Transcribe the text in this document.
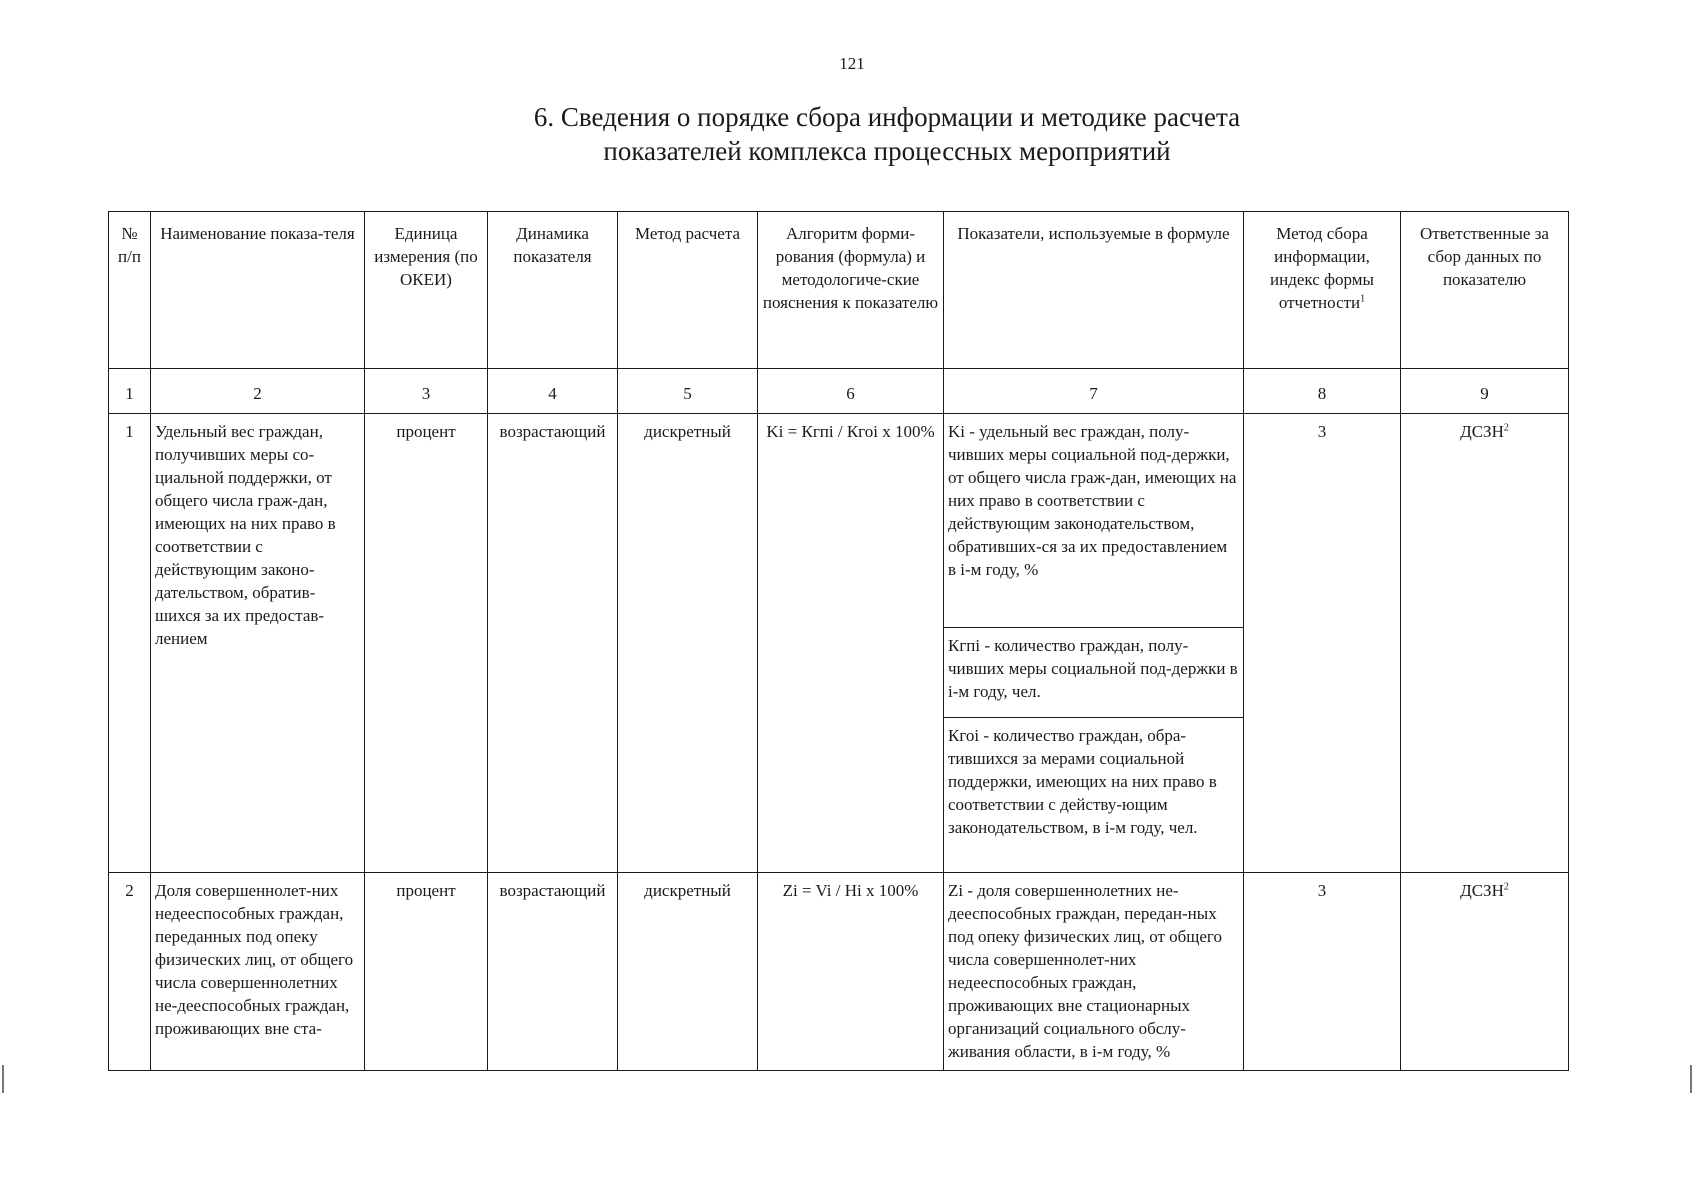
121
6. Сведения о порядке сбора информации и методике расчета
показателей комплекса процессных мероприятий
№ п/п	Наименование показа-теля	Единица измерения (по ОКЕИ)	Динамика показателя	Метод расчета	Алгоритм форми-рования (формула) и методологиче-ские пояснения к показателю	Показатели, используемые в формуле	Метод сбора информации, индекс формы отчетности$^1$	Ответственные за сбор данных по показателю
1	2	3	4	5	6	7	8	9
1	Удельный вес граждан, получивших меры со-циальной поддержки, от общего числа граж-дан, имеющих на них право в соответствии с действующим законо-дательством, обратив-шихся за их предостав-лением	процент	возрастающий	дискретный	Ki = Кгпi / Кгоi х 100%	Ki - удельный вес граждан, полу-чивших меры социальной под-держки, от общего числа граж-дан, имеющих на них право в соответствии с действующим законодательством, обративших-ся за их предоставлением в i-м году, %	3	ДСЗН$^2$
						Кгпi - количество граждан, полу-чивших меры социальной под-держки в i-м году, чел.		
						Кгоi - количество граждан, обра-тившихся за мерами социальной поддержки, имеющих на них право в соответствии с действу-ющим законодательством, в i-м году, чел.		
2	Доля совершеннолет-них недееспособных граждан, переданных под опеку физических лиц, от общего числа совершеннолетних не-дееспособных граждан, проживающих вне ста-	процент	возрастающий	дискретный	Zi = Vi / Hi x 100%	Zi - доля совершеннолетних не-дееспособных граждан, передан-ных под опеку физических лиц, от общего числа совершеннолет-них недееспособных граждан, проживающих вне стационарных организаций социального обслу-живания области, в i-м году, %	3	ДСЗН$^2$
